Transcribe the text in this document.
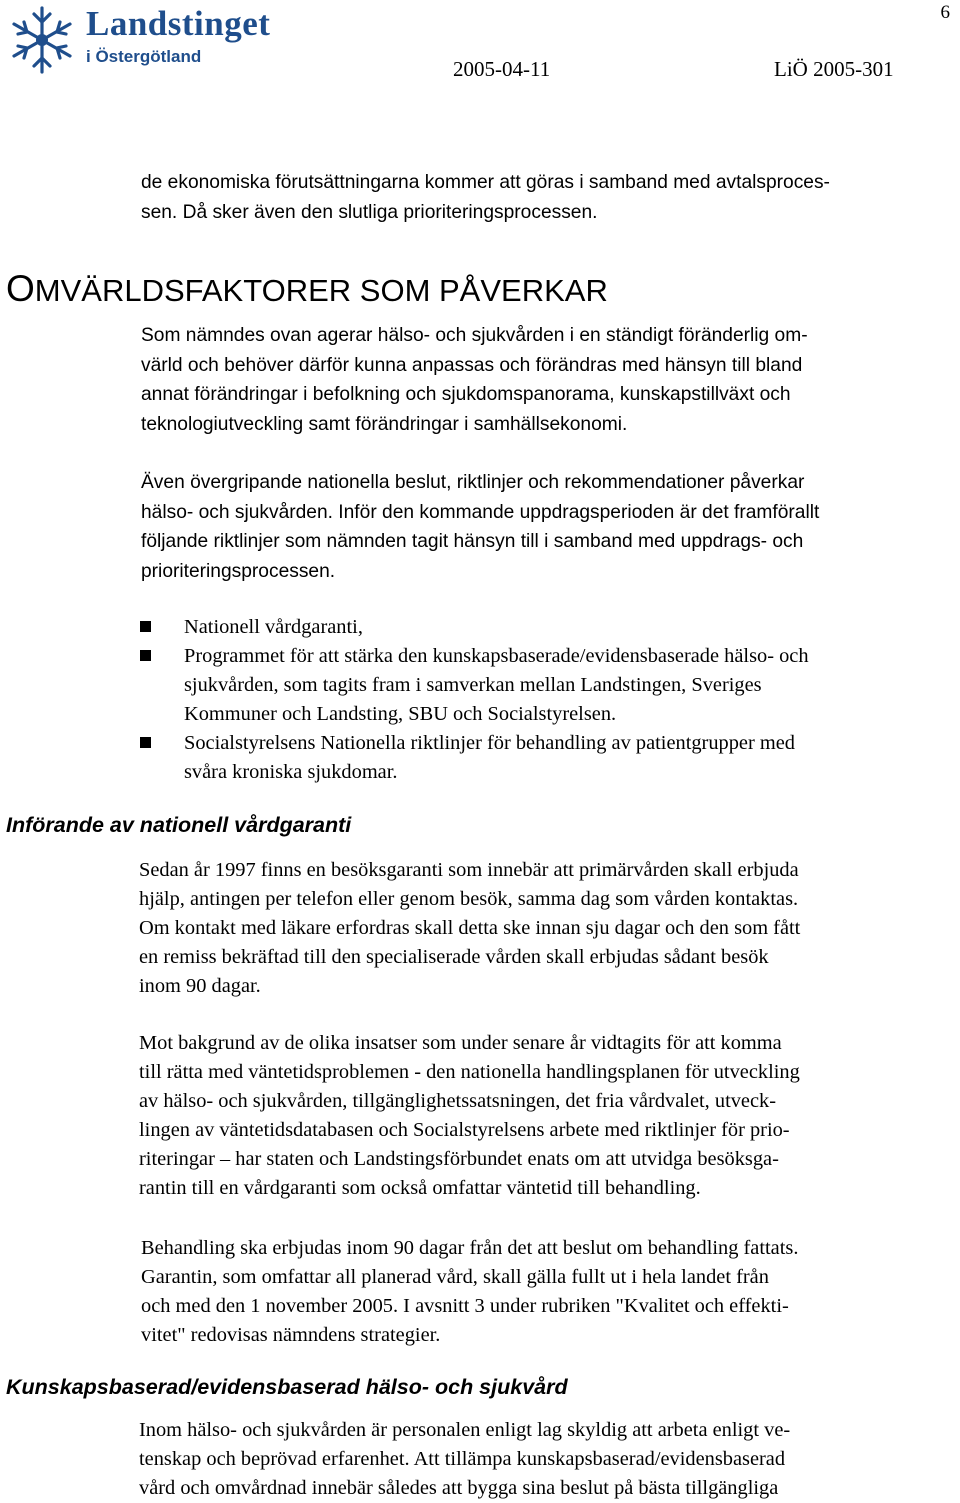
Landstinget
i Östergötland
6
2005-04-11	LiÖ 2005-301

de ekonomiska förutsättningarna kommer att göras i samband med avtalsproces-

sen. Då sker även den slutliga prioriteringsprocessen.

OMVÄRLDSFAKTORER SOM PÅVERKAR

Som nämndes ovan agerar hälso- och sjukvården i en ständigt föränderlig om-

värld och behöver därför kunna anpassas och förändras med hänsyn till bland

annat förändringar i befolkning och sjukdomspanorama, kunskapstillväxt och

teknologiutveckling samt förändringar i samhällsekonomi.

Även övergripande nationella beslut, riktlinjer och rekommendationer påverkar

hälso- och sjukvården. Inför den kommande uppdragsperioden är det framförallt

följande riktlinjer som nämnden tagit hänsyn till i samband med uppdrags- och

prioriteringsprocessen.

Nationell vårdgaranti,
Programmet för att stärka den kunskapsbaserade/evidensbaserade hälso- och
sjukvården, som tagits fram i samverkan mellan Landstingen, Sveriges
Kommuner och Landsting, SBU och Socialstyrelsen.
Socialstyrelsens Nationella riktlinjer för behandling av patientgrupper med
svåra kroniska sjukdomar.
Införande av nationell vårdgaranti

Sedan år 1997 finns en besöksgaranti som innebär att primärvården skall erbjuda

hjälp, antingen per telefon eller genom besök, samma dag som vården kontaktas.

Om kontakt med läkare erfordras skall detta ske innan sju dagar och den som fått

en remiss bekräftad till den specialiserade vården skall erbjudas sådant besök

inom 90 dagar.

Mot bakgrund av de olika insatser som under senare år vidtagits för att komma

till rätta med väntetidsproblemen - den nationella handlingsplanen för utveckling

av hälso- och sjukvården, tillgänglighetssatsningen, det fria vårdvalet, utveck-

lingen av väntetidsdatabasen och Socialstyrelsens arbete med riktlinjer för prio-

riteringar – har staten och Landstingsförbundet enats om att utvidga besöksga-

rantin till en vårdgaranti som också omfattar väntetid till behandling.

Behandling ska erbjudas inom 90 dagar från det att beslut om behandling fattats.

Garantin, som omfattar all planerad vård, skall gälla fullt ut i hela landet från

och med den 1 november 2005. I avsnitt 3 under rubriken "Kvalitet och effekti-

vitet" redovisas nämndens strategier.

Kunskapsbaserad/evidensbaserad hälso- och sjukvård

Inom hälso- och sjukvården är personalen enligt lag skyldig att arbeta enligt ve-

tenskap och beprövad erfarenhet. Att tillämpa kunskapsbaserad/evidensbaserad

vård och omvårdnad innebär således att bygga sina beslut på bästa tillgängliga
